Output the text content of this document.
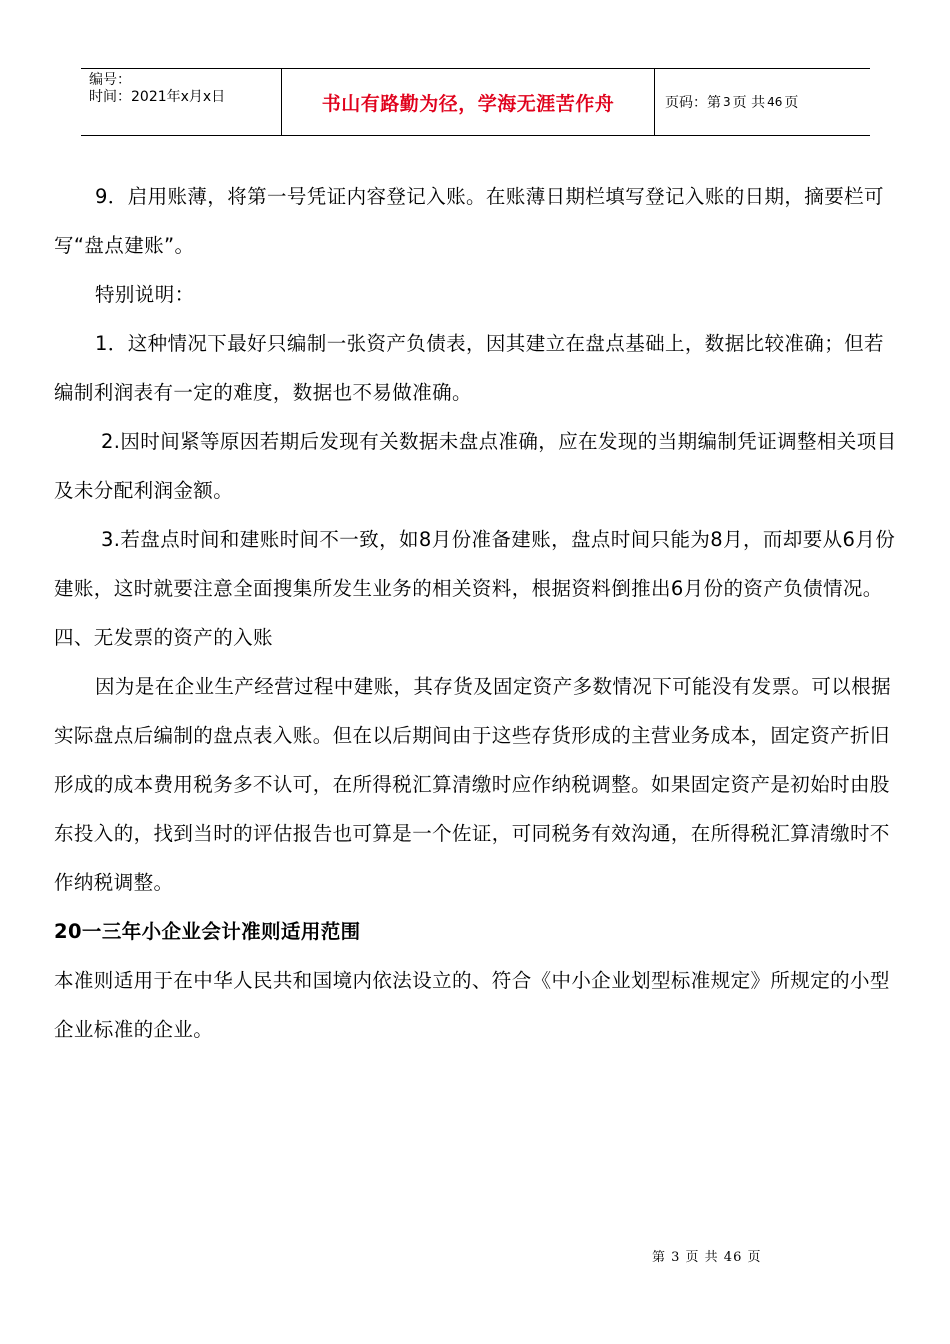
编号：
时间：2021年x月x日	书山有路勤为径，学海无涯苦作舟	页码：第 3 页 共 46 页

9．启用账薄，将第一号凭证内容登记入账。在账薄日期栏填写登记入账的日期，摘要栏可写“盘点建账”。

特别说明：

1．这种情况下最好只编制一张资产负债表，因其建立在盘点基础上，数据比较准确；但若编制利润表有一定的难度，数据也不易做准确。

2.因时间紧等原因若期后发现有关数据未盘点准确，应在发现的当期编制凭证调整相关项目及未分配利润金额。

3.若盘点时间和建账时间不一致，如8月份准备建账，盘点时间只能为8月，而却要从6月份建账，这时就要注意全面搜集所发生业务的相关资料，根据资料倒推出6月份的资产负债情况。

四、无发票的资产的入账

因为是在企业生产经营过程中建账，其存货及固定资产多数情况下可能没有发票。可以根据实际盘点后编制的盘点表入账。但在以后期间由于这些存货形成的主营业务成本，固定资产折旧形成的成本费用税务多不认可，在所得税汇算清缴时应作纳税调整。如果固定资产是初始时由股东投入的，找到当时的评估报告也可算是一个佐证，可同税务有效沟通，在所得税汇算清缴时不作纳税调整。

20一三年小企业会计准则适用范围

本准则适用于在中华人民共和国境内依法设立的、符合《中小企业划型标准规定》所规定的小型企业标准的企业。

第 3 页 共 46 页
